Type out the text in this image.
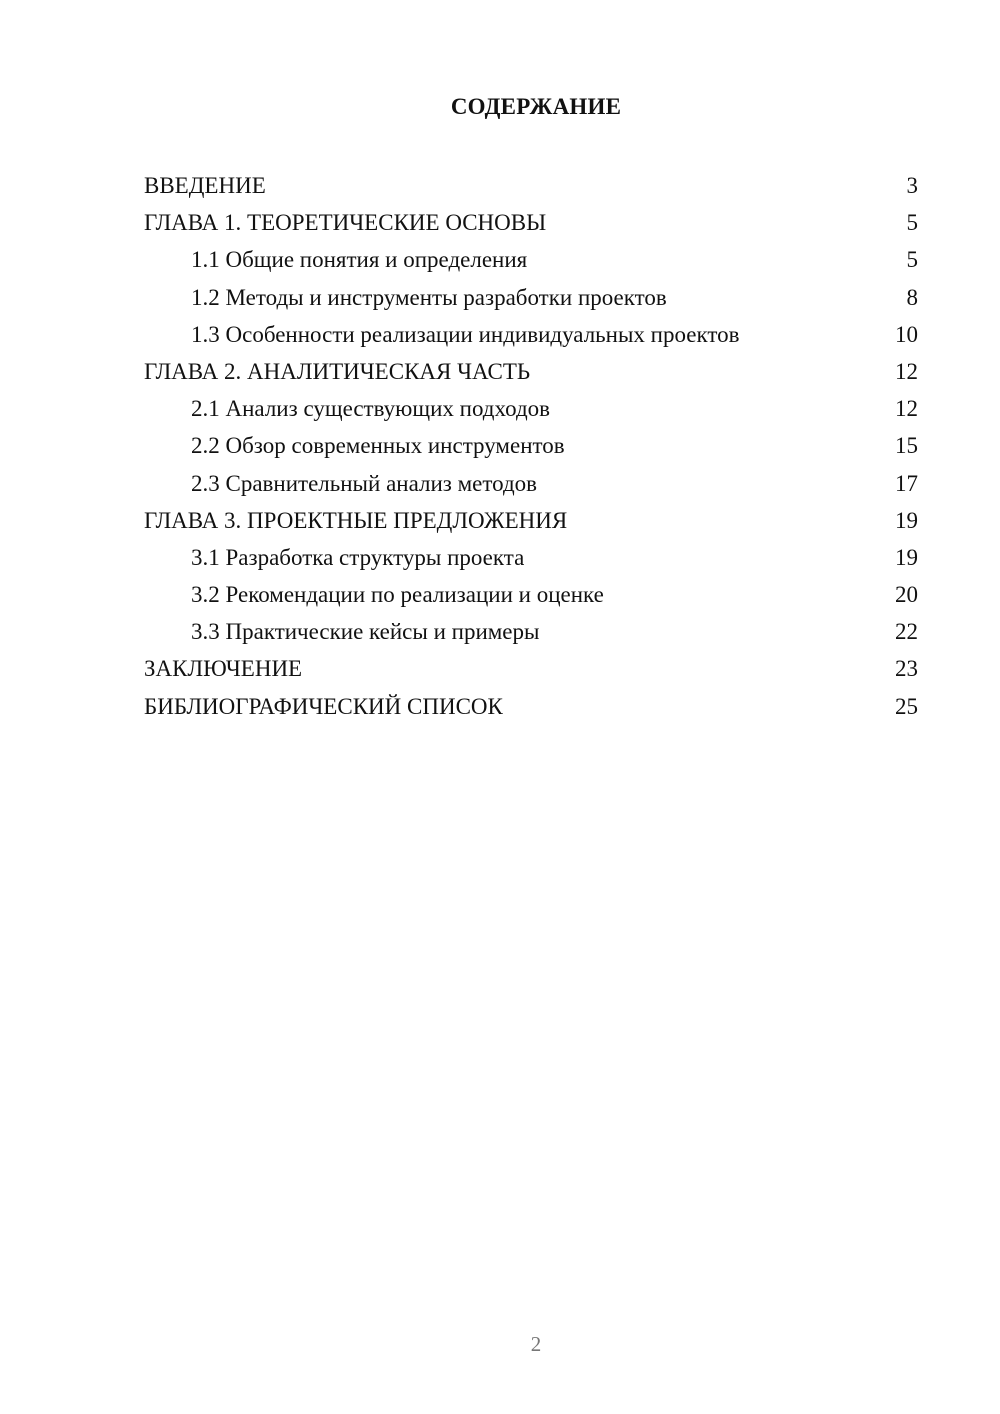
СОДЕРЖАНИЕ
ВВЕДЕНИЕ	3
ГЛАВА 1. ТЕОРЕТИЧЕСКИЕ ОСНОВЫ	5
1.1 Общие понятия и определения	5
1.2 Методы и инструменты разработки проектов	8
1.3 Особенности реализации индивидуальных проектов	10
ГЛАВА 2. АНАЛИТИЧЕСКАЯ ЧАСТЬ	12
2.1 Анализ существующих подходов	12
2.2 Обзор современных инструментов	15
2.3 Сравнительный анализ методов	17
ГЛАВА 3. ПРОЕКТНЫЕ ПРЕДЛОЖЕНИЯ	19
3.1 Разработка структуры проекта	19
3.2 Рекомендации по реализации и оценке	20
3.3 Практические кейсы и примеры	22
ЗАКЛЮЧЕНИЕ	23
БИБЛИОГРАФИЧЕСКИЙ СПИСОК	25
2
